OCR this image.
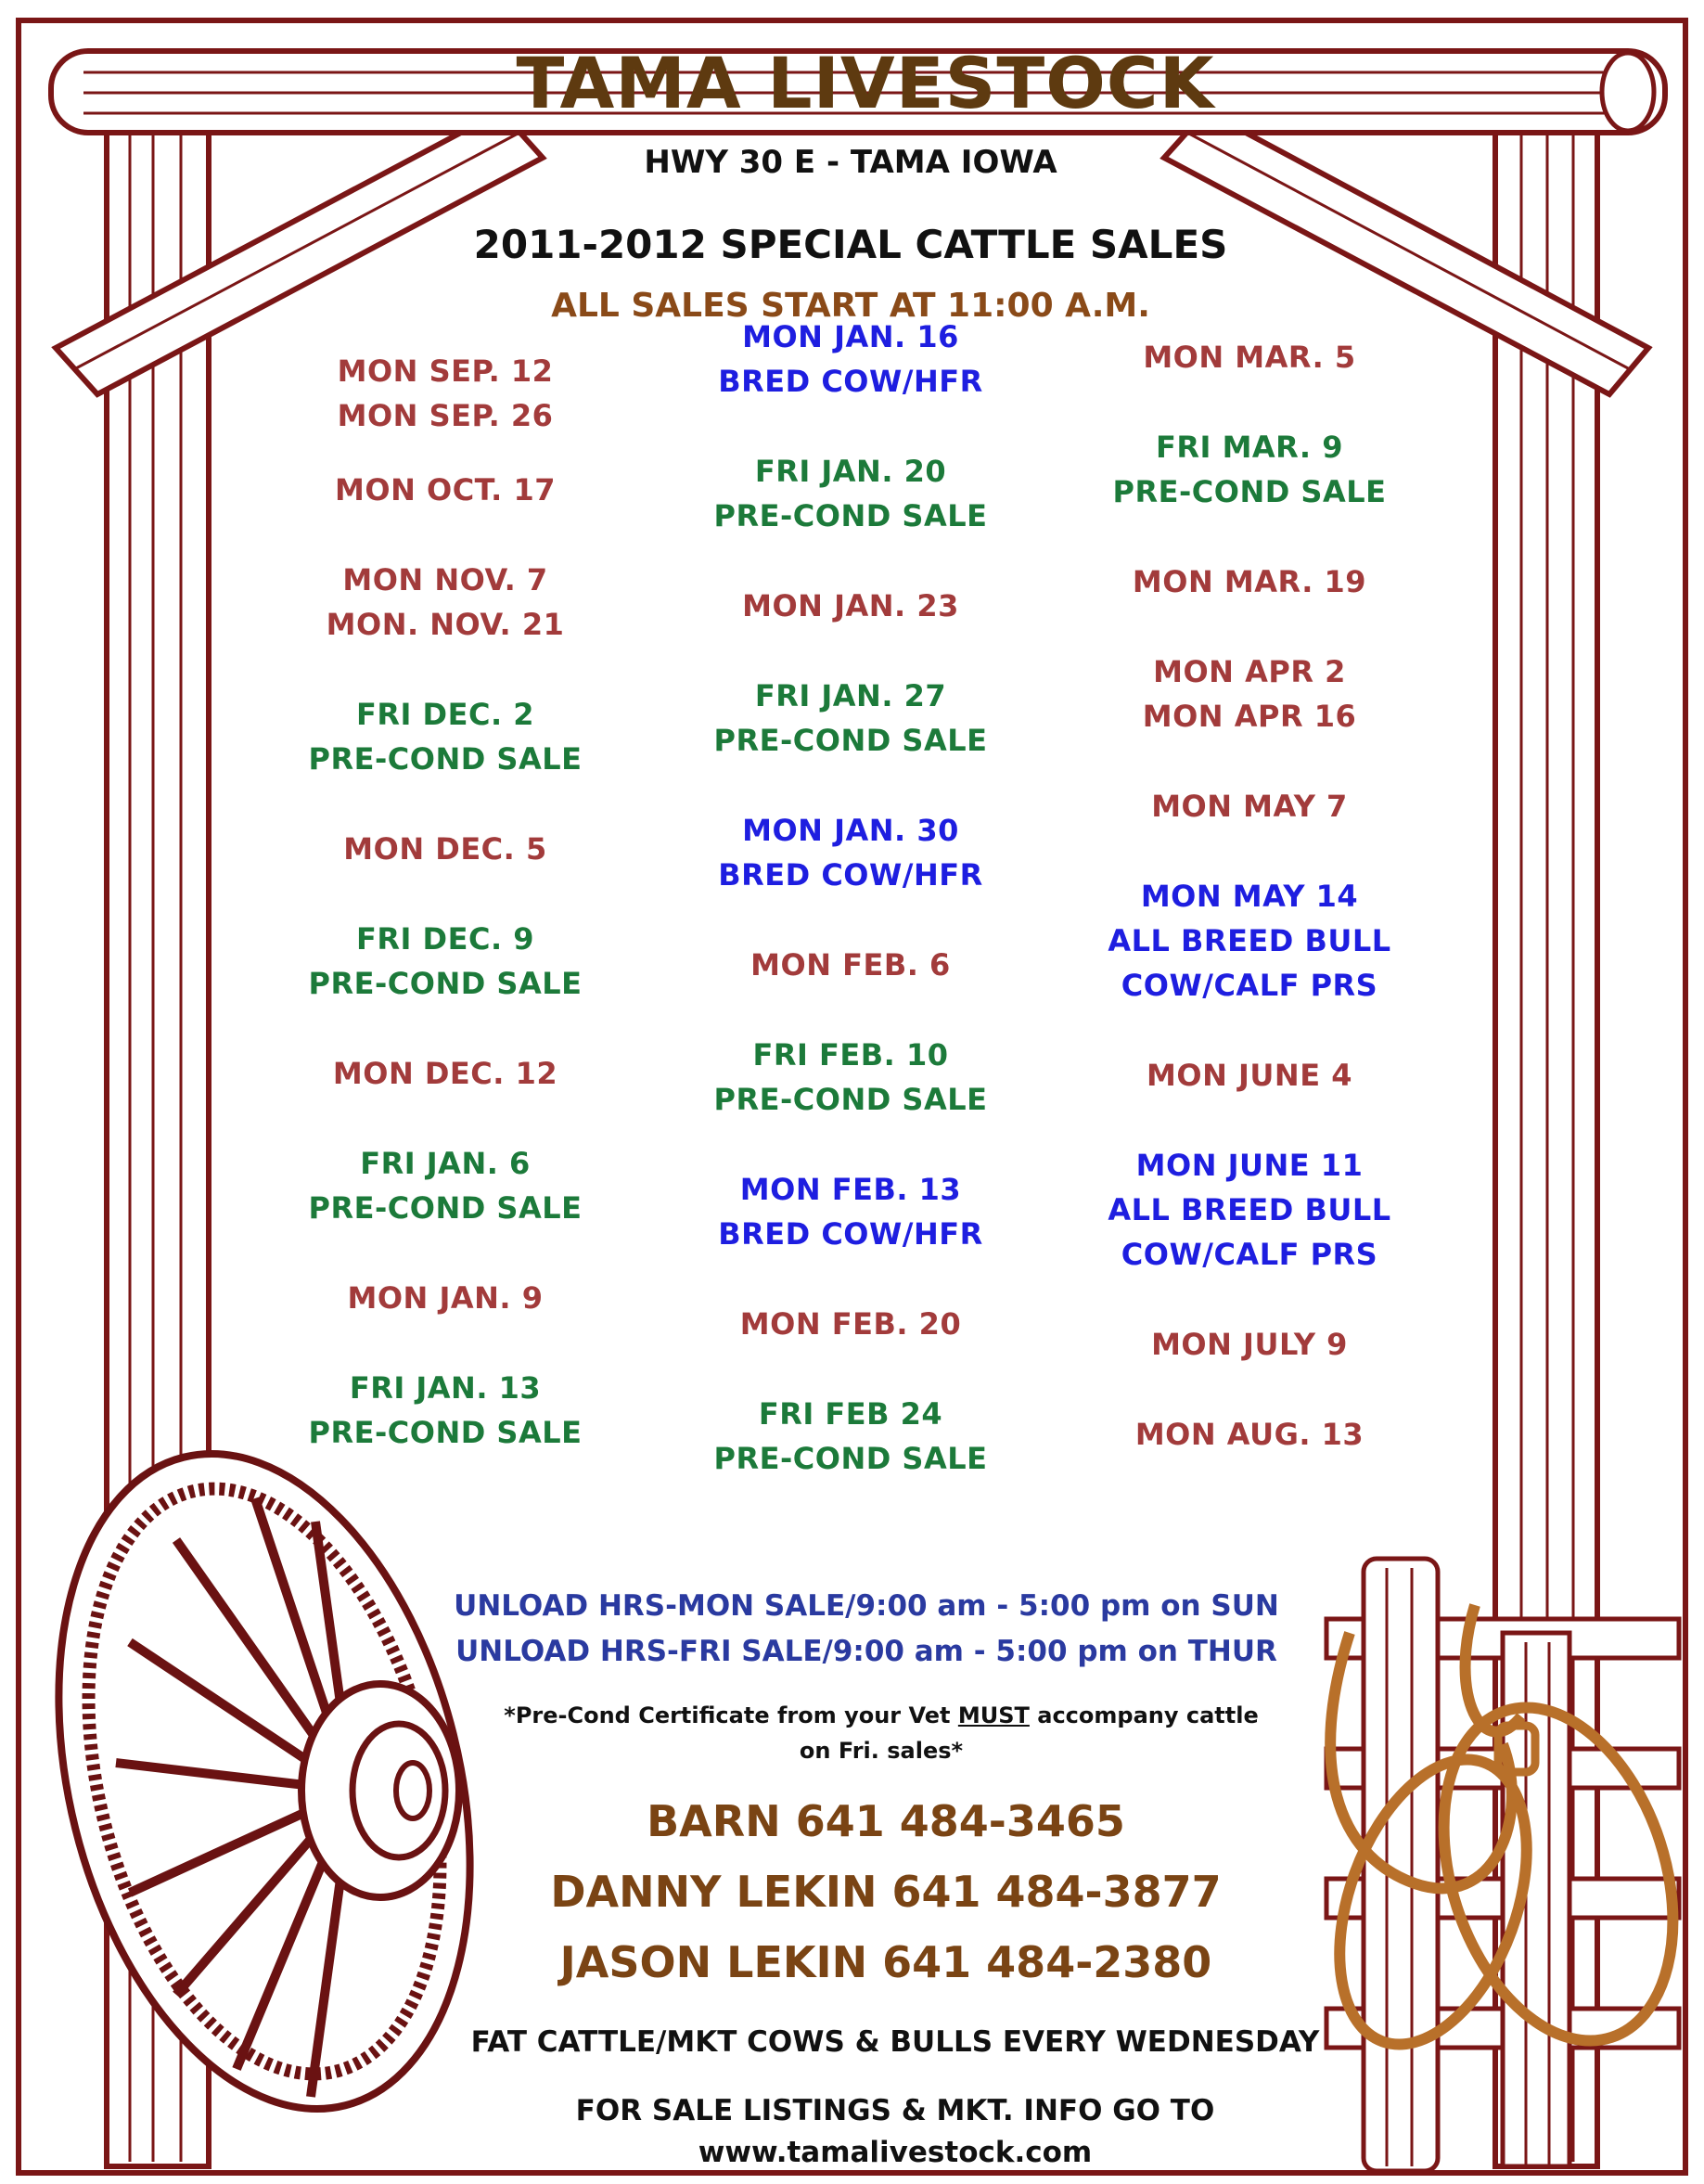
TAMA LIVESTOCK
HWY 30 E - TAMA IOWA
2011-2012 SPECIAL CATTLE SALES
ALL SALES START AT 11:00 A.M.
MON SEP. 12
MON SEP. 26
MON OCT. 17
MON NOV. 7
MON. NOV. 21
FRI DEC. 2
PRE-COND SALE
MON DEC. 5
FRI DEC. 9
PRE-COND SALE
MON DEC. 12
FRI JAN. 6
PRE-COND SALE
MON JAN. 9
FRI JAN. 13
PRE-COND SALE
MON JAN. 16
BRED COW/HFR
FRI JAN. 20
PRE-COND SALE
MON JAN. 23
FRI JAN. 27
PRE-COND SALE
MON JAN. 30
BRED COW/HFR
MON FEB. 6
FRI FEB. 10
PRE-COND SALE
MON FEB. 13
BRED COW/HFR
MON FEB. 20
FRI FEB 24
PRE-COND SALE
MON MAR. 5
FRI MAR. 9
PRE-COND SALE
MON MAR. 19
MON APR 2
MON APR 16
MON MAY 7
MON MAY 14
ALL BREED BULL
COW/CALF PRS
MON JUNE 4
MON JUNE 11
ALL BREED BULL
COW/CALF PRS
MON JULY 9
MON AUG. 13
UNLOAD HRS-MON SALE/9:00 am - 5:00 pm on SUN
UNLOAD HRS-FRI SALE/9:00 am - 5:00 pm on THUR
*Pre-Cond Certificate from your Vet MUST accompany cattle
on Fri. sales*
BARN 641 484-3465
DANNY LEKIN 641 484-3877
JASON LEKIN 641 484-2380
FAT CATTLE/MKT COWS & BULLS EVERY WEDNESDAY
FOR SALE LISTINGS & MKT. INFO GO TO
www.tamalivestock.com
